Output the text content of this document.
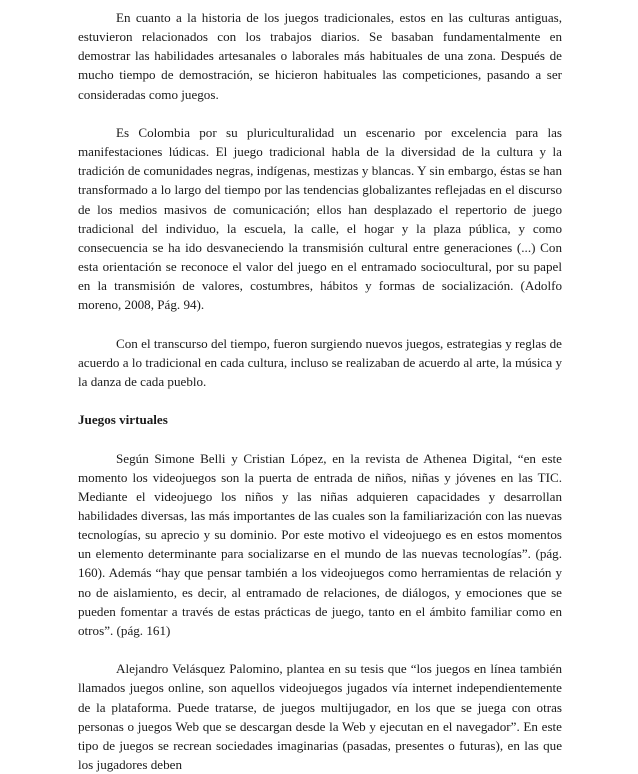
En cuanto a la historia de los juegos tradicionales, estos en las culturas antiguas, estuvieron relacionados con los trabajos diarios. Se basaban fundamentalmente en demostrar las habilidades artesanales o laborales más habituales de una zona. Después de mucho tiempo de demostración, se hicieron habituales las competiciones, pasando a ser consideradas como juegos.

Es Colombia por su pluriculturalidad un escenario por excelencia para las manifestaciones lúdicas. El juego tradicional habla de la diversidad de la cultura y la tradición de comunidades negras, indígenas, mestizas y blancas. Y sin embargo, éstas se han transformado a lo largo del tiempo por las tendencias globalizantes reflejadas en el discurso de los medios masivos de comunicación; ellos han desplazado el repertorio de juego tradicional del individuo, la escuela, la calle, el hogar y la plaza pública, y como consecuencia se ha ido desvaneciendo la transmisión cultural entre generaciones (...) Con esta orientación se reconoce el valor del juego en el entramado sociocultural, por su papel en la transmisión de valores, costumbres, hábitos y formas de socialización. (Adolfo moreno, 2008, Pág. 94).

Con el transcurso del tiempo, fueron surgiendo nuevos juegos, estrategias y reglas de acuerdo a lo tradicional en cada cultura, incluso se realizaban de acuerdo al arte, la música y la danza de cada pueblo.

Juegos virtuales

Según Simone Belli y Cristian López, en la revista de Athenea Digital, “en este momento los videojuegos son la puerta de entrada de niños, niñas y jóvenes en las TIC. Mediante el videojuego los niños y las niñas adquieren capacidades y desarrollan habilidades diversas, las más importantes de las cuales son la familiarización con las nuevas tecnologías, su aprecio y su dominio. Por este motivo el videojuego es en estos momentos un elemento determinante para socializarse en el mundo de las nuevas tecnologías”. (pág. 160). Además “hay que pensar también a los videojuegos como herramientas de relación y no de aislamiento, es decir, al entramado de relaciones, de diálogos, y emociones que se pueden fomentar a través de estas prácticas de juego, tanto en el ámbito familiar como en otros”. (pág. 161)

Alejandro Velásquez Palomino, plantea en su tesis que “los juegos en línea también llamados juegos online, son aquellos videojuegos jugados vía internet independientemente de la plataforma. Puede tratarse, de juegos multijugador, en los que se juega con otras personas o juegos Web que se descargan desde la Web y ejecutan en el navegador”. En este tipo de juegos se recrean sociedades imaginarias (pasadas, presentes o futuras), en las que los jugadores deben
